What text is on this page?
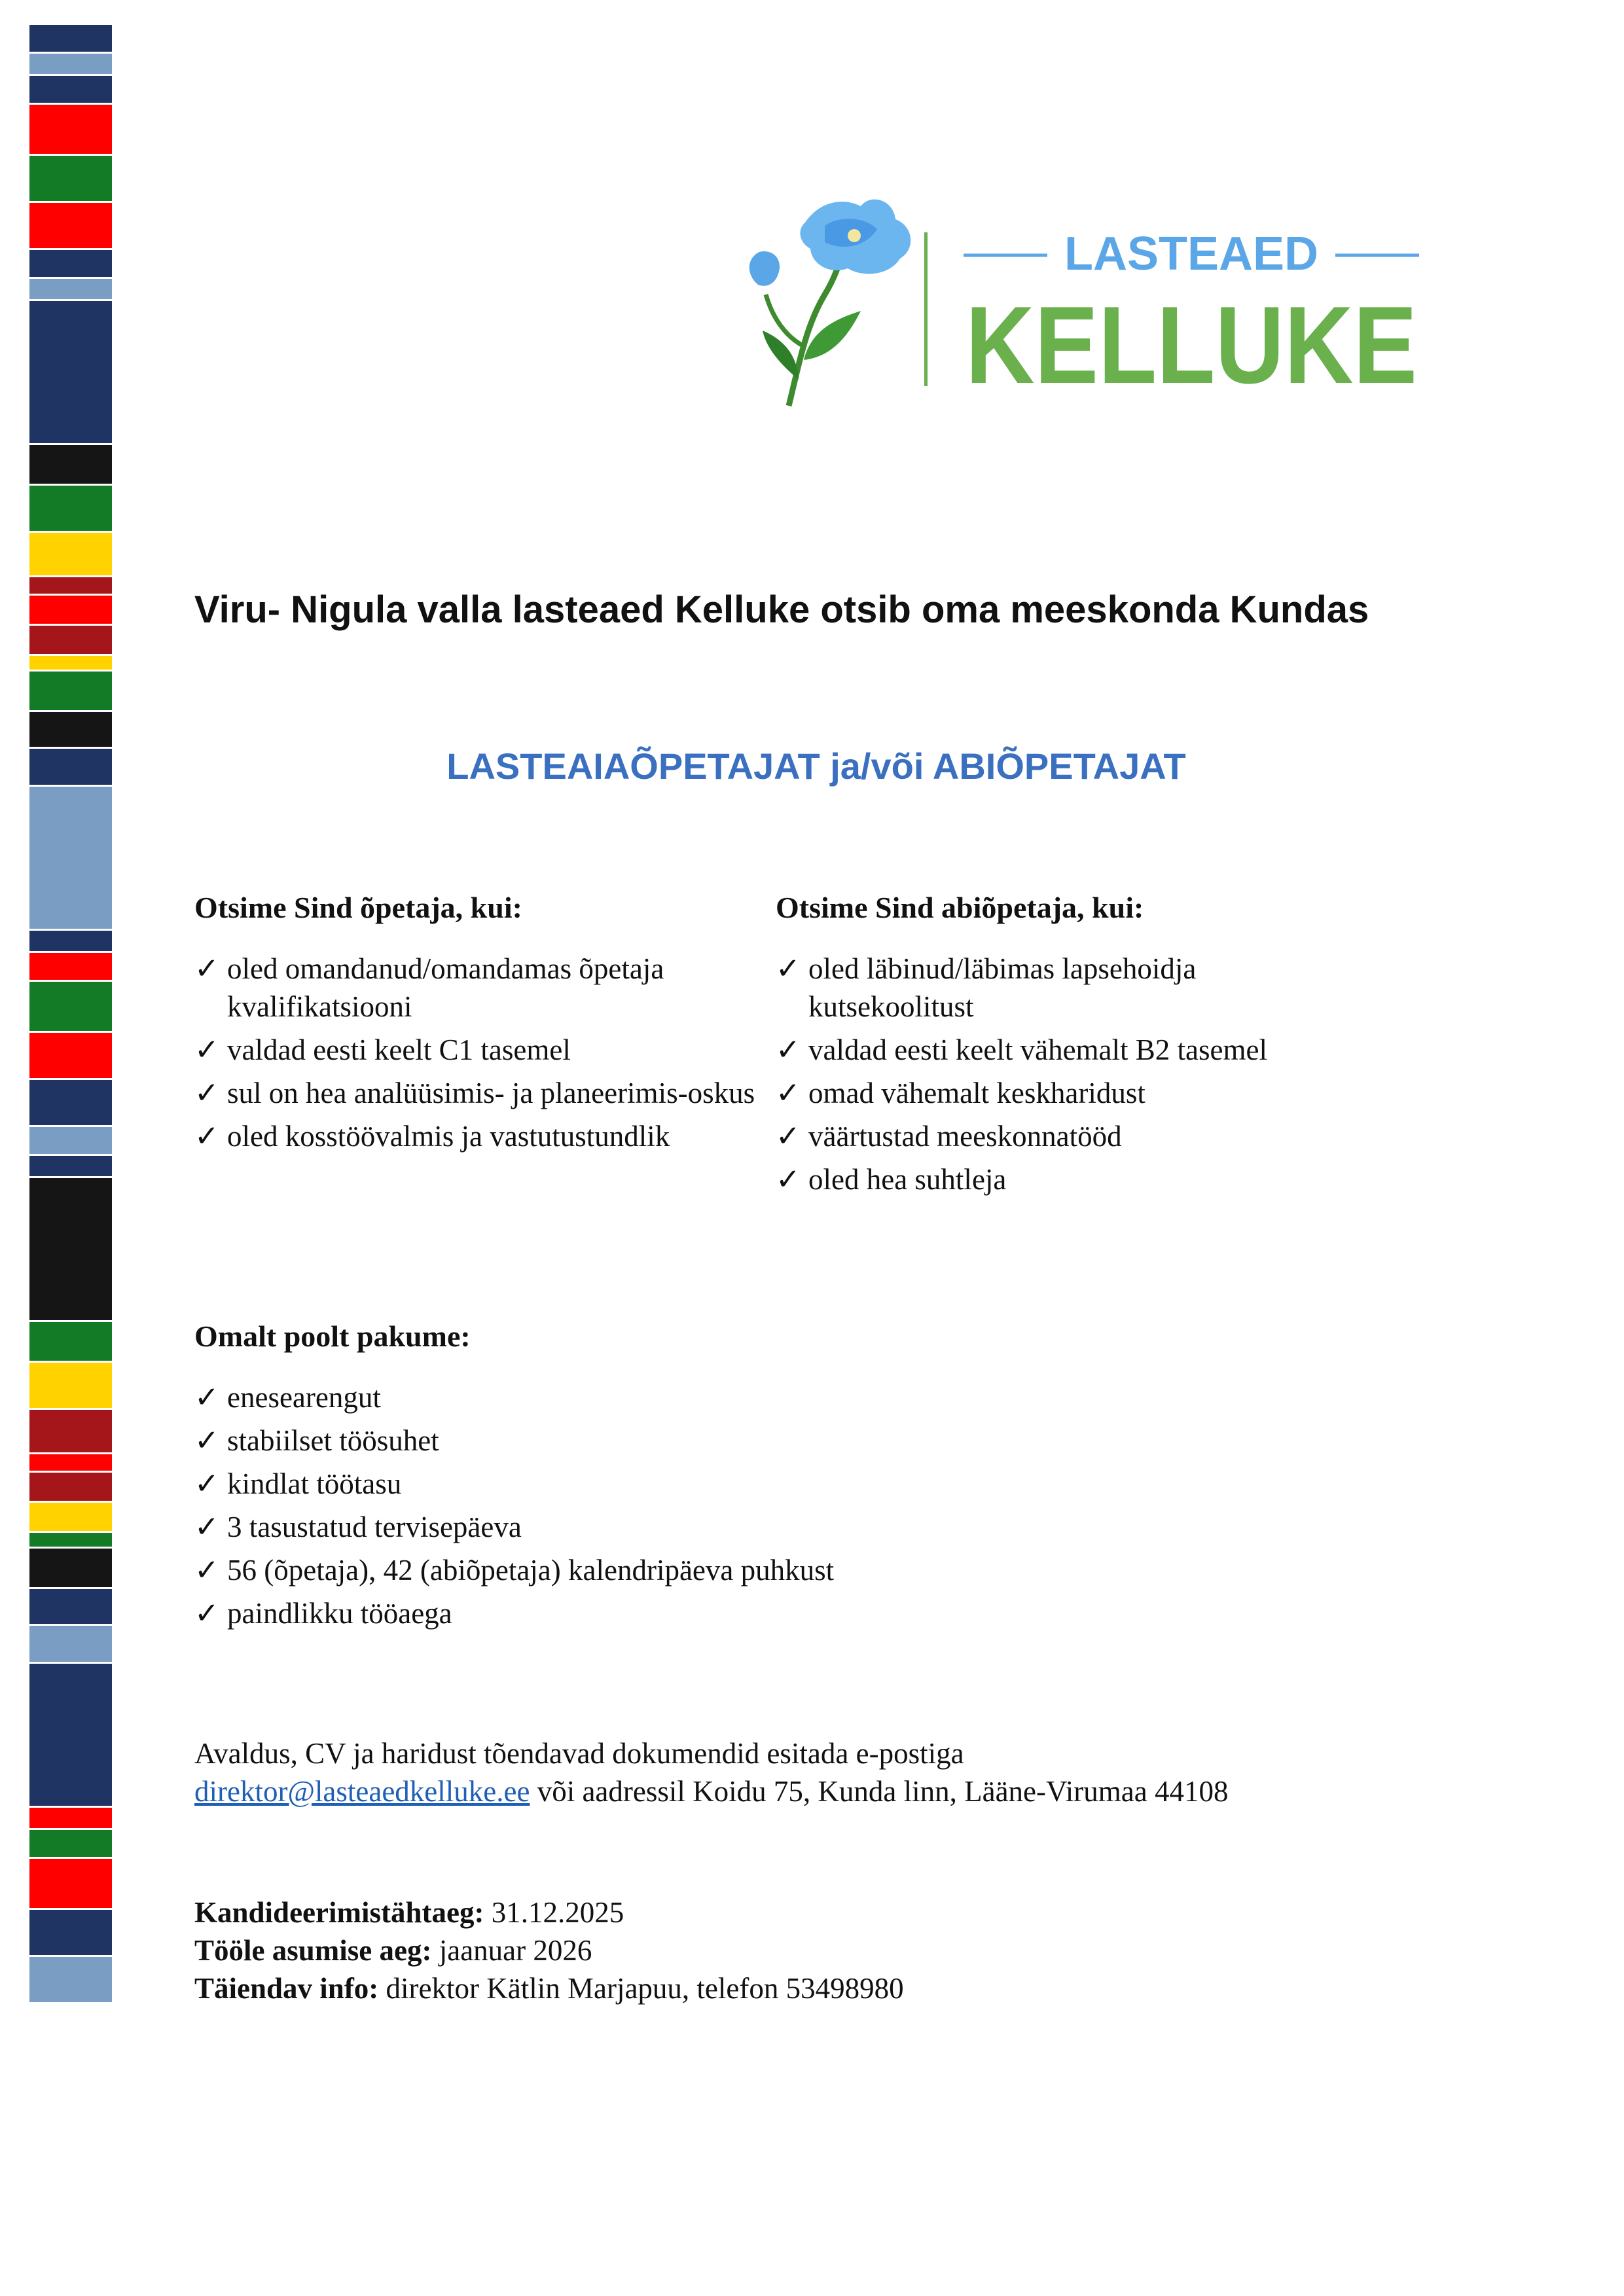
LASTEAED
KELLUKE
Viru- Nigula valla lasteaed Kelluke otsib oma meeskonda Kundas
LASTEAIAÕPETAJAT ja/või ABIÕPETAJAT

Otsime Sind õpetaja, kui:

✓ oled omandanud/omandamas õpetaja kvalifikatsiooni
✓ valdad eesti keelt C1 tasemel
✓ sul on hea analüüsimis- ja planeerimis-oskus
✓ oled kosstöövalmis ja vastutustundlik

Otsime Sind abiõpetaja, kui:

✓ oled läbinud/läbimas lapsehoidja kutsekoolitust
✓ valdad eesti keelt vähemalt B2 tasemel
✓ omad vähemalt keskharidust
✓ väärtustad meeskonnatööd
✓ oled hea suhtleja

Omalt poolt pakume:

✓ enesearengut
✓ stabiilset töösuhet
✓ kindlat töötasu
✓ 3 tasustatud tervisepäeva
✓ 56 (õpetaja), 42 (abiõpetaja) kalendripäeva puhkust
✓ paindlikku tööaega
Avaldus, CV ja haridust tõendavad dokumendid esitada e-postiga
direktor@lasteaedkelluke.ee või aadressil Koidu 75, Kunda linn, Lääne-Virumaa 44108
Kandideerimistähtaeg: 31.12.2025
Tööle asumise aeg: jaanuar 2026
Täiendav info: direktor Kätlin Marjapuu, telefon 53498980
